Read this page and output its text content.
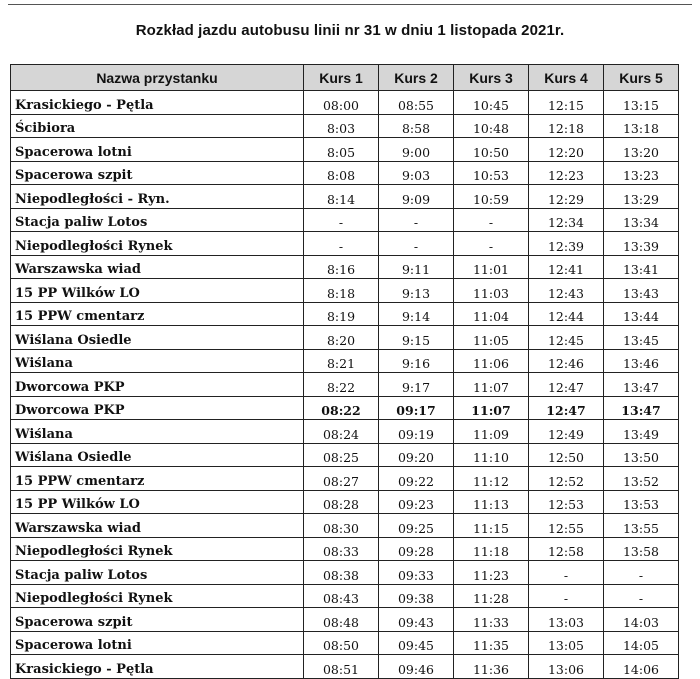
Rozkład jazdu autobusu linii nr 31 w dniu 1 listopada 2021r.
Nazwa przystanku	Kurs 1	Kurs 2	Kurs 3	Kurs 4	Kurs 5
Krasickiego - Pętla	08:00	08:55	10:45	12:15	13:15
Ścibiora	8:03	8:58	10:48	12:18	13:18
Spacerowa lotni	8:05	9:00	10:50	12:20	13:20
Spacerowa szpit	8:08	9:03	10:53	12:23	13:23
Niepodległości - Ryn.	8:14	9:09	10:59	12:29	13:29
Stacja paliw Lotos	-	-	-	12:34	13:34
Niepodległości Rynek	-	-	-	12:39	13:39
Warszawska wiad	8:16	9:11	11:01	12:41	13:41
15 PP Wilków LO	8:18	9:13	11:03	12:43	13:43
15 PPW cmentarz	8:19	9:14	11:04	12:44	13:44
Wiślana Osiedle	8:20	9:15	11:05	12:45	13:45
Wiślana	8:21	9:16	11:06	12:46	13:46
Dworcowa PKP	8:22	9:17	11:07	12:47	13:47
Dworcowa PKP	08:22	09:17	11:07	12:47	13:47
Wiślana	08:24	09:19	11:09	12:49	13:49
Wiślana Osiedle	08:25	09:20	11:10	12:50	13:50
15 PPW cmentarz	08:27	09:22	11:12	12:52	13:52
15 PP Wilków LO	08:28	09:23	11:13	12:53	13:53
Warszawska wiad	08:30	09:25	11:15	12:55	13:55
Niepodległości Rynek	08:33	09:28	11:18	12:58	13:58
Stacja paliw Lotos	08:38	09:33	11:23	-	-
Niepodległości Rynek	08:43	09:38	11:28	-	-
Spacerowa szpit	08:48	09:43	11:33	13:03	14:03
Spacerowa lotni	08:50	09:45	11:35	13:05	14:05
Krasickiego - Pętla	08:51	09:46	11:36	13:06	14:06
